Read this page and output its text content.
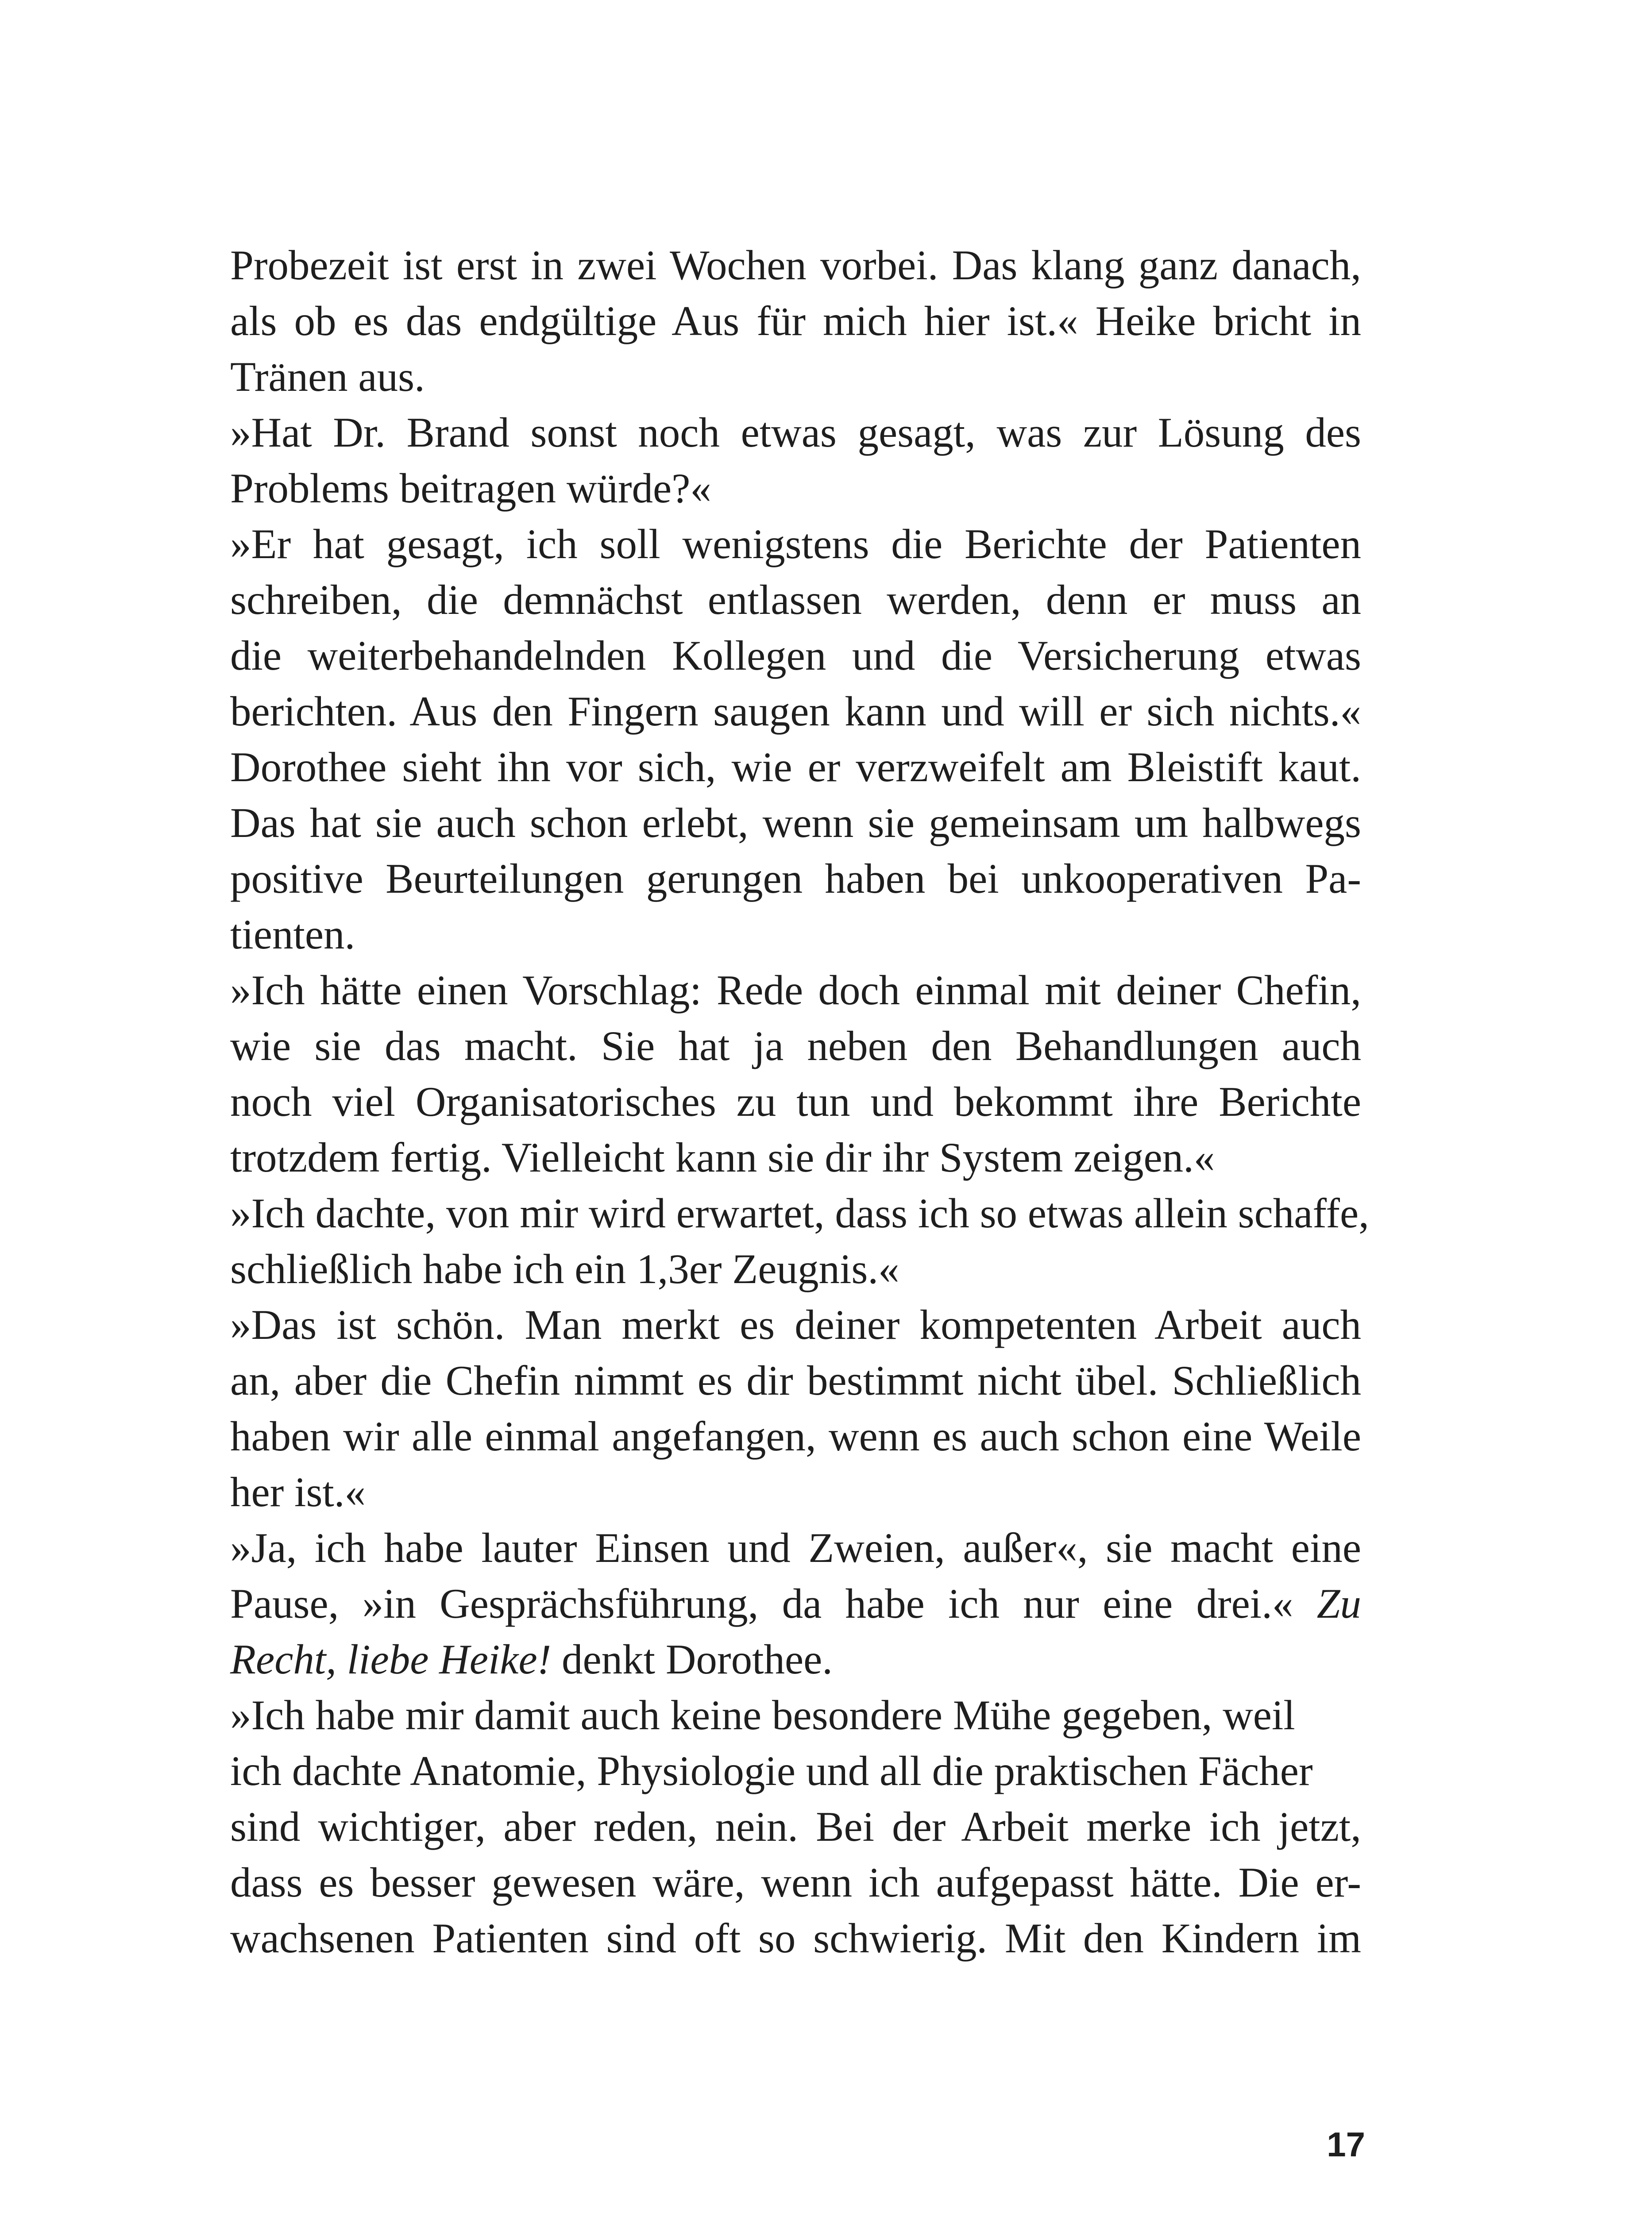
Probezeit ist erst in zwei Wochen vorbei. Das klang ganz danach,
als ob es das endgültige Aus für mich hier ist.« Heike bricht in
Tränen aus.
»Hat Dr. Brand sonst noch etwas gesagt, was zur Lösung des
Problems beitragen würde?«
»Er hat gesagt, ich soll wenigstens die Berichte der Patienten
schreiben, die demnächst entlassen werden, denn er muss an
die weiterbehandelnden Kollegen und die Versicherung etwas
berichten. Aus den Fingern saugen kann und will er sich nichts.«
Dorothee sieht ihn vor sich, wie er verzweifelt am Bleistift kaut.
Das hat sie auch schon erlebt, wenn sie gemeinsam um halbwegs
positive Beurteilungen gerungen haben bei unkooperativen Pa-
tienten.
»Ich hätte einen Vorschlag: Rede doch einmal mit deiner Chefin,
wie sie das macht. Sie hat ja neben den Behandlungen auch
noch viel Organisatorisches zu tun und bekommt ihre Berichte
trotzdem fertig. Vielleicht kann sie dir ihr System zeigen.«
»Ich dachte, von mir wird erwartet, dass ich so etwas allein schaffe,
schließlich habe ich ein 1,3er Zeugnis.«
»Das ist schön. Man merkt es deiner kompetenten Arbeit auch
an, aber die Chefin nimmt es dir bestimmt nicht übel. Schließlich
haben wir alle einmal angefangen, wenn es auch schon eine Weile
her ist.«
»Ja, ich habe lauter Einsen und Zweien, außer«, sie macht eine
Pause, »in Gesprächsführung, da habe ich nur eine drei.« Zu
Recht, liebe Heike! denkt Dorothee.
»Ich habe mir damit auch keine besondere Mühe gegeben, weil
ich dachte Anatomie, Physiologie und all die praktischen Fächer
sind wichtiger, aber reden, nein. Bei der Arbeit merke ich jetzt,
dass es besser gewesen wäre, wenn ich aufgepasst hätte. Die er-
wachsenen Patienten sind oft so schwierig. Mit den Kindern im
17
